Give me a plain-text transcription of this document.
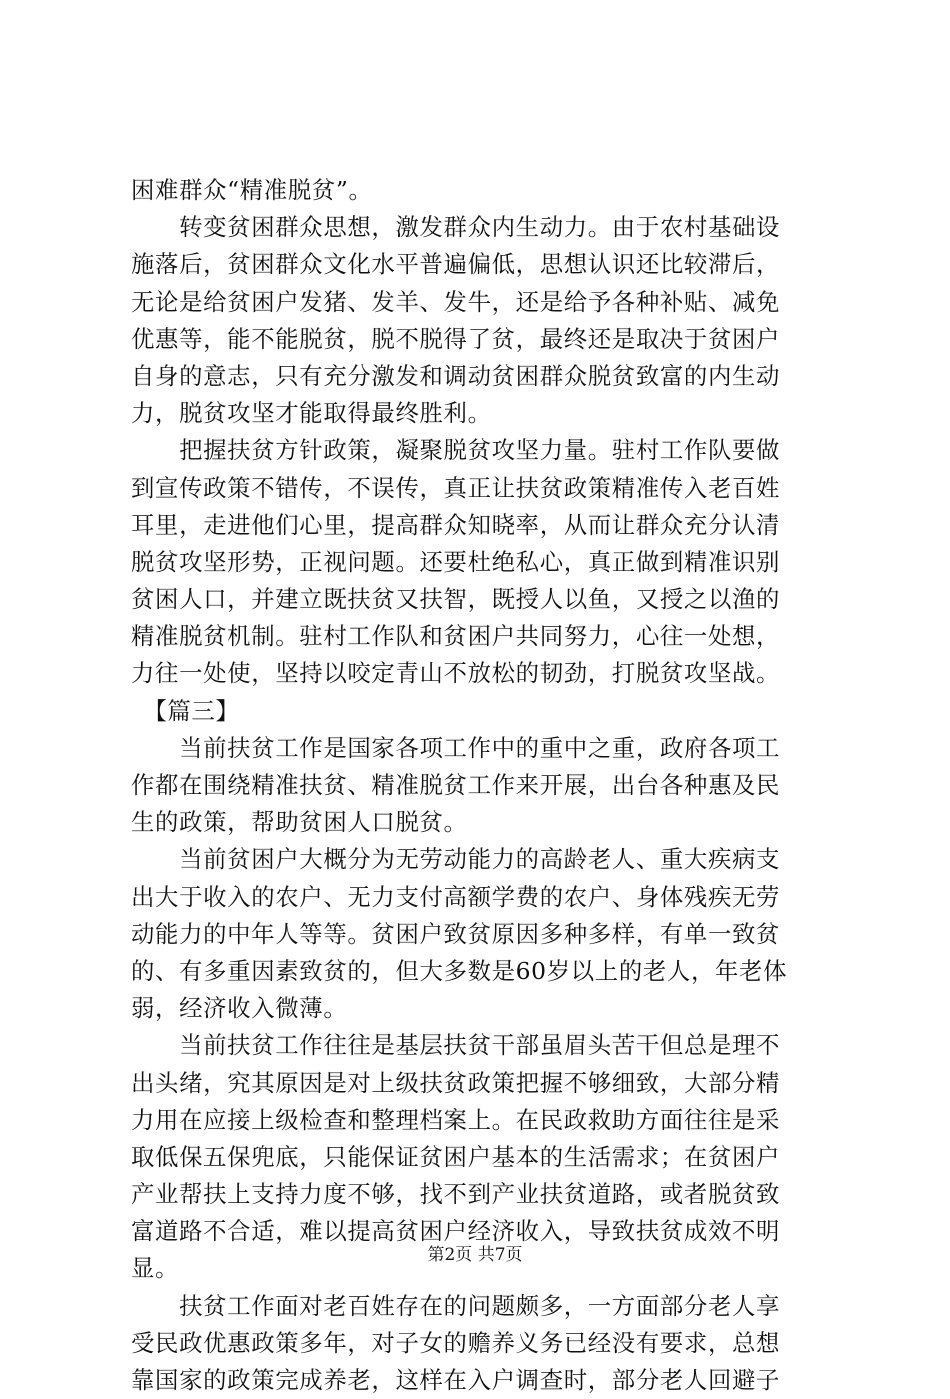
困难群众“精准脱贫”。
　　转变贫困群众思想，激发群众内生动力。由于农村基础设
施落后，贫困群众文化水平普遍偏低，思想认识还比较滞后，
无论是给贫困户发猪、发羊、发牛，还是给予各种补贴、减免
优惠等，能不能脱贫，脱不脱得了贫，最终还是取决于贫困户
自身的意志，只有充分激发和调动贫困群众脱贫致富的内生动
力，脱贫攻坚才能取得最终胜利。
　　把握扶贫方针政策，凝聚脱贫攻坚力量。驻村工作队要做
到宣传政策不错传，不误传，真正让扶贫政策精准传入老百姓
耳里，走进他们心里，提高群众知晓率，从而让群众充分认清
脱贫攻坚形势，正视问题。还要杜绝私心，真正做到精准识别
贫困人口，并建立既扶贫又扶智，既授人以鱼，又授之以渔的
精准脱贫机制。驻村工作队和贫困户共同努力，心往一处想，
力往一处使，坚持以咬定青山不放松的韧劲，打脱贫攻坚战。
　【篇三】
　　当前扶贫工作是国家各项工作中的重中之重，政府各项工
作都在围绕精准扶贫、精准脱贫工作来开展，出台各种惠及民
生的政策，帮助贫困人口脱贫。
　　当前贫困户大概分为无劳动能力的高龄老人、重大疾病支
出大于收入的农户、无力支付高额学费的农户、身体残疾无劳
动能力的中年人等等。贫困户致贫原因多种多样，有单一致贫
的、有多重因素致贫的，但大多数是60岁以上的老人，年老体
弱，经济收入微薄。
　　当前扶贫工作往往是基层扶贫干部虽眉头苦干但总是理不
出头绪，究其原因是对上级扶贫政策把握不够细致，大部分精
力用在应接上级检查和整理档案上。在民政救助方面往往是采
取低保五保兜底，只能保证贫困户基本的生活需求；在贫困户
产业帮扶上支持力度不够，找不到产业扶贫道路，或者脱贫致
富道路不合适，难以提高贫困户经济收入，导致扶贫成效不明
显。
　　扶贫工作面对老百姓存在的问题颇多，一方面部分老人享
受民政优惠政策多年，对子女的赡养义务已经没有要求，总想
靠国家的政策完成养老，这样在入户调查时，部分老人回避子
第2页 共7页
